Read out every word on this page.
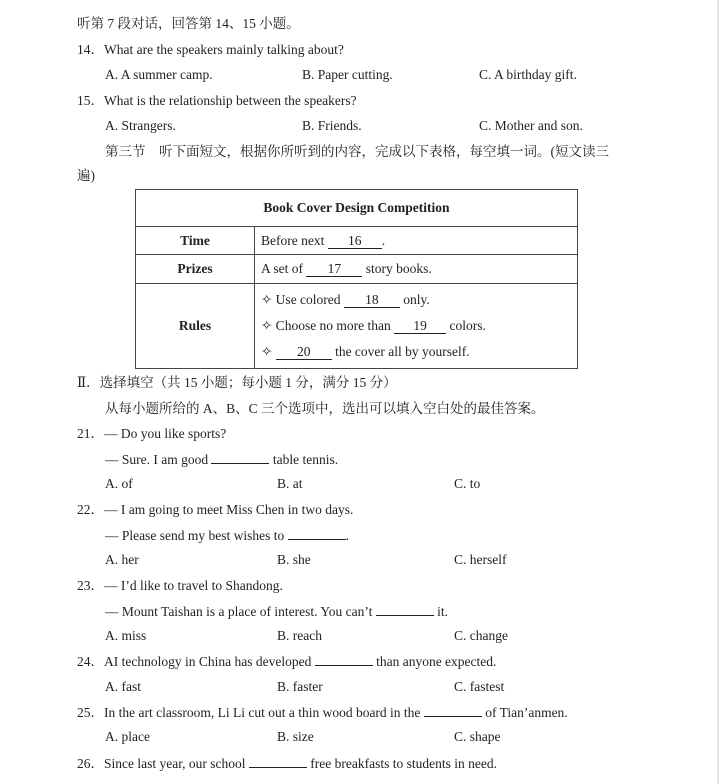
听第 7 段对话，回答第 14、15 小题。
14．What are the speakers mainly talking about?
A. A summer camp.	B. Paper cutting.	C. A birthday gift.
15．What is the relationship between the speakers?
A. Strangers.	B. Friends.	C. Mother and son.
第三节　听下面短文，根据你所听到的内容，完成以下表格，每空填一词。(短文读三
遍)
Book Cover Design Competition	
Time	Before next 16 .
Prizes	A set of 17 story books.
Rules	✧ Use colored 18 only.
✧ Choose no more than 19 colors.
✧ 20 the cover all by yourself.
Ⅱ．选择填空（共 15 小题；每小题 1 分，满分 15 分）
从每小题所给的 A、B、C 三个选项中，选出可以填入空白处的最佳答案。
21．— Do you like sports?
— Sure. I am good	table tennis.
A. of	B. at	C. to
22．— I am going to meet Miss Chen in two days.
— Please send my best wishes to	.
A. her	B. she	C. herself
23．— I’d like to travel to Shandong.
— Mount Taishan is a place of interest. You can’t	it.
A. miss	B. reach	C. change
24．AI technology in China has developed	than anyone expected.
A. fast	B. faster	C. fastest
25．In the art classroom, Li Li cut out a thin wood board in the	of Tian’anmen.
A. place	B. size	C. shape
26．Since last year, our school	free breakfasts to students in need.
